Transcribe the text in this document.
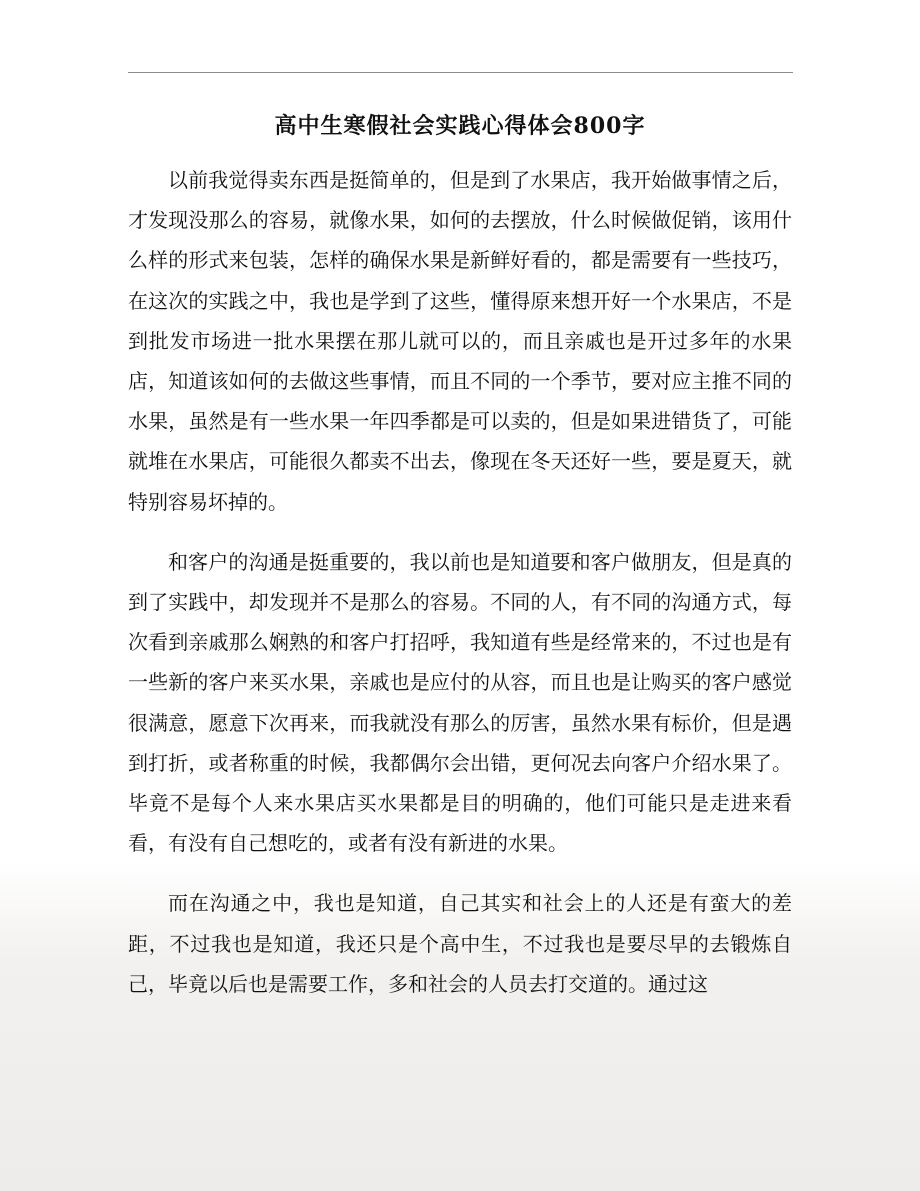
高中生寒假社会实践心得体会800字

以前我觉得卖东西是挺简单的，但是到了水果店，我开始做事情之后，才发现没那么的容易，就像水果，如何的去摆放，什么时候做促销，该用什么样的形式来包装，怎样的确保水果是新鲜好看的，都是需要有一些技巧，在这次的实践之中，我也是学到了这些，懂得原来想开好一个水果店，不是到批发市场进一批水果摆在那儿就可以的，而且亲戚也是开过多年的水果店，知道该如何的去做这些事情，而且不同的一个季节，要对应主推不同的水果，虽然是有一些水果一年四季都是可以卖的，但是如果进错货了，可能就堆在水果店，可能很久都卖不出去，像现在冬天还好一些，要是夏天，就特别容易坏掉的。

和客户的沟通是挺重要的，我以前也是知道要和客户做朋友，但是真的到了实践中，却发现并不是那么的容易。不同的人，有不同的沟通方式，每次看到亲戚那么娴熟的和客户打招呼，我知道有些是经常来的，不过也是有一些新的客户来买水果，亲戚也是应付的从容，而且也是让购买的客户感觉很满意，愿意下次再来，而我就没有那么的厉害，虽然水果有标价，但是遇到打折，或者称重的时候，我都偶尔会出错，更何况去向客户介绍水果了。毕竟不是每个人来水果店买水果都是目的明确的，他们可能只是走进来看看，有没有自己想吃的，或者有没有新进的水果。

而在沟通之中，我也是知道，自己其实和社会上的人还是有蛮大的差距，不过我也是知道，我还只是个高中生，不过我也是要尽早的去锻炼自己，毕竟以后也是需要工作，多和社会的人员去打交道的。通过这
